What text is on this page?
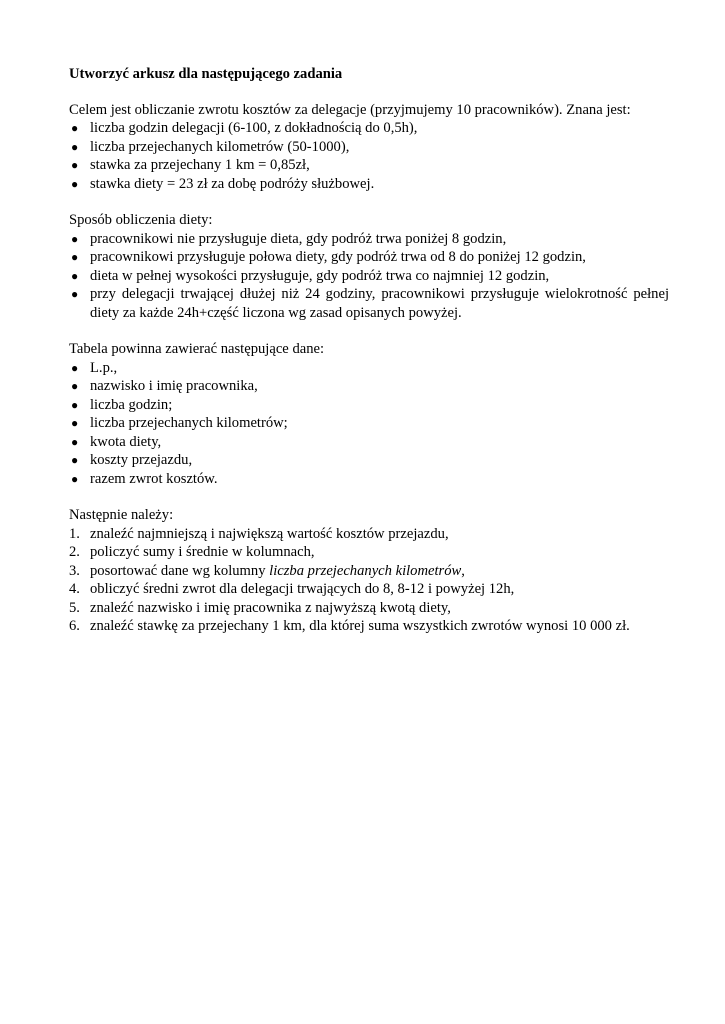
Utworzyć arkusz dla następującego zadania

Celem jest obliczanie zwrotu kosztów za delegacje (przyjmujemy 10 pracowników). Znana jest:

● liczba godzin delegacji (6-100, z dokładnością do 0,5h),
● liczba przejechanych kilometrów (50-1000),
● stawka za przejechany 1 km = 0,85zł,
● stawka diety = 23 zł za dobę podróży służbowej.

Sposób obliczenia diety:

● pracownikowi nie przysługuje dieta, gdy podróż trwa poniżej 8 godzin,
● pracownikowi przysługuje połowa diety, gdy podróż trwa od 8 do poniżej 12 godzin,
● dieta w pełnej wysokości przysługuje, gdy podróż trwa co najmniej 12 godzin,
● przy delegacji trwającej dłużej niż 24 godziny, pracownikowi przysługuje wielokrotność pełnej diety za każde 24h+część liczona wg zasad opisanych powyżej.

Tabela powinna zawierać następujące dane:

● L.p.,
● nazwisko i imię pracownika,
● liczba godzin;
● liczba przejechanych kilometrów;
● kwota diety,
● koszty przejazdu,
● razem zwrot kosztów.

Następnie należy:

1. znaleźć najmniejszą i największą wartość kosztów przejazdu,
2. policzyć sumy i średnie w kolumnach,
3. posortować dane wg kolumny liczba przejechanych kilometrów,
4. obliczyć średni zwrot dla delegacji trwających do 8, 8-12 i powyżej 12h,
5. znaleźć nazwisko i imię pracownika z najwyższą kwotą diety,
6. znaleźć stawkę za przejechany 1 km, dla której suma wszystkich zwrotów wynosi 10 000 zł.
